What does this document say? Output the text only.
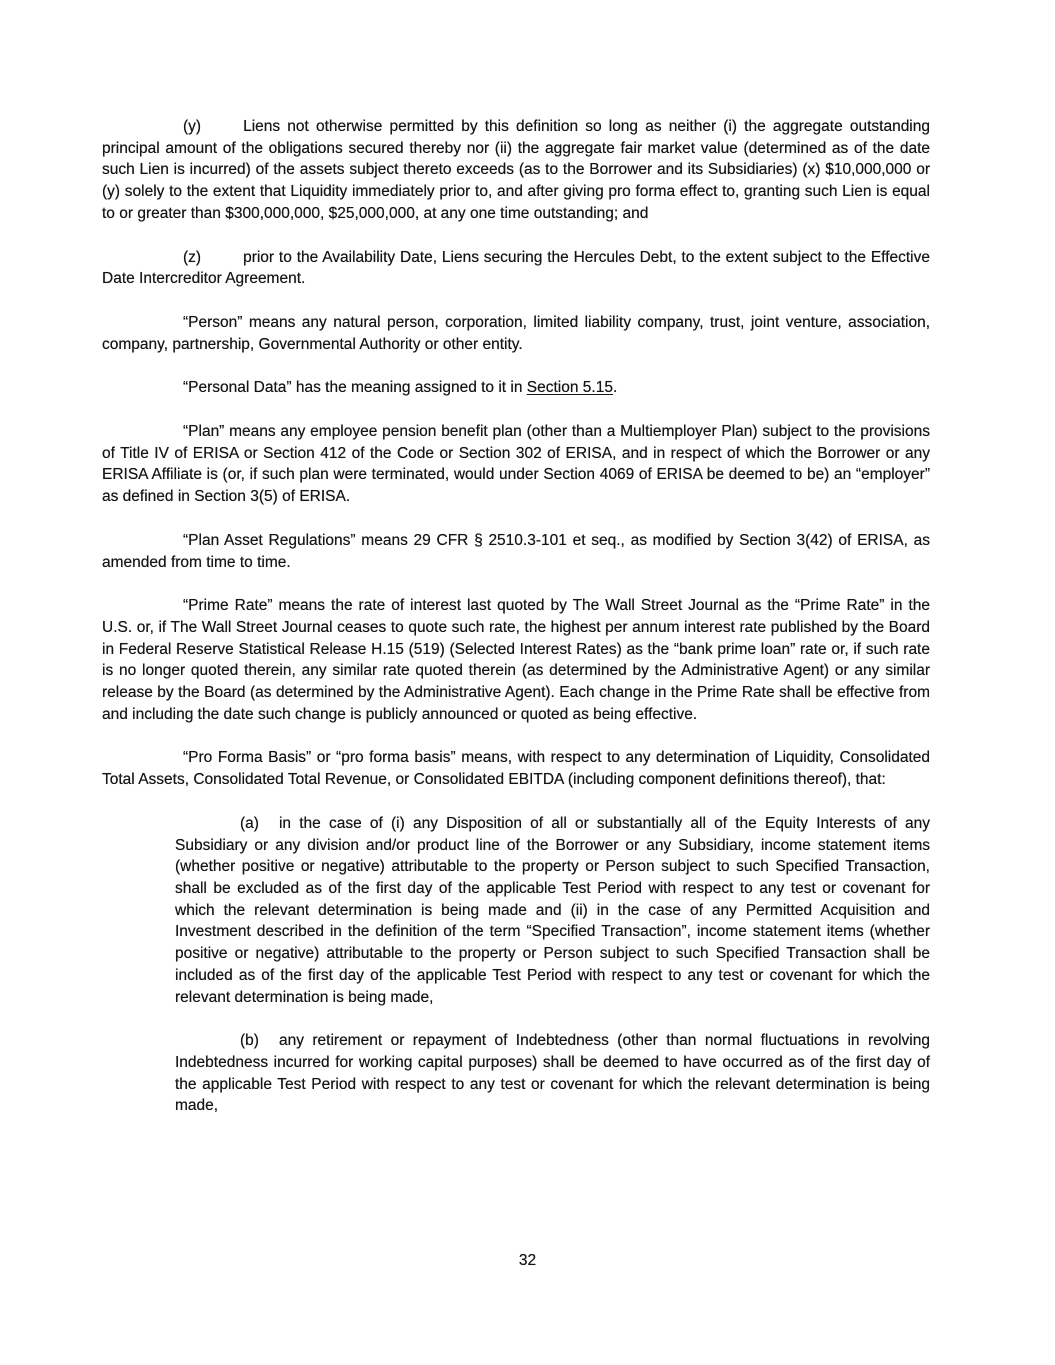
(y)	Liens not otherwise permitted by this definition so long as neither (i) the aggregate outstanding principal amount of the obligations secured thereby nor (ii) the aggregate fair market value (determined as of the date such Lien is incurred) of the assets subject thereto exceeds (as to the Borrower and its Subsidiaries) (x) $10,000,000 or (y) solely to the extent that Liquidity immediately prior to, and after giving pro forma effect to, granting such Lien is equal to or greater than $300,000,000, $25,000,000, at any one time outstanding; and

(z)	prior to the Availability Date, Liens securing the Hercules Debt, to the extent subject to the Effective Date Intercreditor Agreement.

“Person” means any natural person, corporation, limited liability company, trust, joint venture, association, company, partnership, Governmental Authority or other entity.

“Personal Data” has the meaning assigned to it in Section 5.15.

“Plan” means any employee pension benefit plan (other than a Multiemployer Plan) subject to the provisions of Title IV of ERISA or Section 412 of the Code or Section 302 of ERISA, and in respect of which the Borrower or any ERISA Affiliate is (or, if such plan were terminated, would under Section 4069 of ERISA be deemed to be) an “employer” as defined in Section 3(5) of ERISA.

“Plan Asset Regulations” means 29 CFR § 2510.3-101 et seq., as modified by Section 3(42) of ERISA, as amended from time to time.

“Prime Rate” means the rate of interest last quoted by The Wall Street Journal as the “Prime Rate” in the U.S. or, if The Wall Street Journal ceases to quote such rate, the highest per annum interest rate published by the Board in Federal Reserve Statistical Release H.15 (519) (Selected Interest Rates) as the “bank prime loan” rate or, if such rate is no longer quoted therein, any similar rate quoted therein (as determined by the Administrative Agent) or any similar release by the Board (as determined by the Administrative Agent). Each change in the Prime Rate shall be effective from and including the date such change is publicly announced or quoted as being effective.

“Pro Forma Basis” or “pro forma basis” means, with respect to any determination of Liquidity, Consolidated Total Assets, Consolidated Total Revenue, or Consolidated EBITDA (including component definitions thereof), that:

(a) in the case of (i) any Disposition of all or substantially all of the Equity Interests of any Subsidiary or any division and/or product line of the Borrower or any Subsidiary, income statement items (whether positive or negative) attributable to the property or Person subject to such Specified Transaction, shall be excluded as of the first day of the applicable Test Period with respect to any test or covenant for which the relevant determination is being made and (ii) in the case of any Permitted Acquisition and Investment described in the definition of the term “Specified Transaction”, income statement items (whether positive or negative) attributable to the property or Person subject to such Specified Transaction shall be included as of the first day of the applicable Test Period with respect to any test or covenant for which the relevant determination is being made,

(b) any retirement or repayment of Indebtedness (other than normal fluctuations in revolving Indebtedness incurred for working capital purposes) shall be deemed to have occurred as of the first day of the applicable Test Period with respect to any test or covenant for which the relevant determination is being made,

32
